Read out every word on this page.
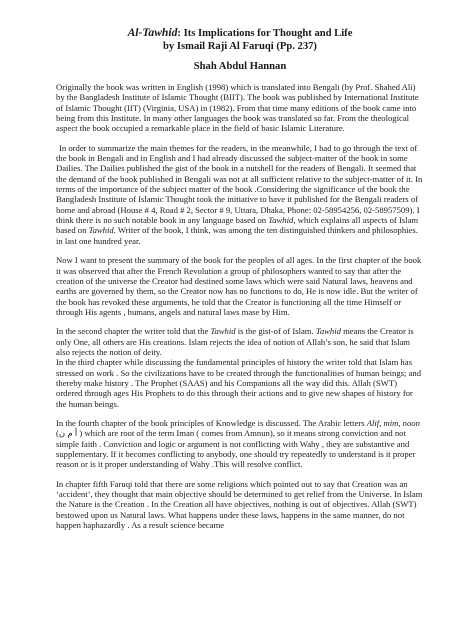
Al-Tawhid: Its Implications for Thought and Life
by Ismail Raji Al Faruqi (Pp. 237)
Shah Abdul Hannan

Originally the book was written in English (1998) which is translated into Bengali (by Prof. Shahed Ali) by the Bangladesh Institute of Islamic Thought (BIIT). The book was published by International Institute of Islamic Thought (IIT) (Virginia, USA) in (1982). From that time many editions of the book came into being from this Institute. In many other languages the book was translated so far. From the theological aspect the book occupied a remarkable place in the field of basic Islamic Literature.

In order to summarize the main themes for the readers, in the meanwhile, I had to go through the text of the book in Bengali and in English and I had already discussed the subject-matter of the book in some Dailies. The Dailies published the gist of the book in a nutshell for the readers of Bengali. It seemed that the demand of the book published in Bengali was not at all sufficient relative to the subject-matter of it. In terms of the importance of the subject matter of the book .Considering the significance of the book the Bangladesh Institute of Islamic Thought took the initiative to have it published for the Bengali readers of home and abroad (House # 4, Road # 2, Sector # 9, Uttara, Dhaka, Phone: 02-58954256, 02-58957509). I think there is no such notable book in any language based on Tawhid, which explains all aspects of Islam based on Tawhid. Writer of the book, I think, was among the ten distinguished thinkers and philosophies. in last one hundred year.

Now I want to present the summary of the book for the peoples of all ages. In the first chapter of the book it was observed that after the French Revolution a group of philosophers wanted to say that after the creation of the universe the Creator had destined some laws which were said Natural laws, heavens and earths are governed by them, so the Creator now has no functions to do, He is now idle. But the writer of the book has revoked these arguments, he told that the Creator is functioning all the time Himself or through His agents , humans, angels and natural laws mase by Him.

In the second chapter the writer told that the Tawhid is the gist-of of Islam. Tawhid means the Creator is only One, all others are His creations. Islam rejects the idea of notion of Allah’s son, he said that Islam also rejects the notion of deity.

In the third chapter while discussing the fundamental principles of history the writer told that Islam has stressed on work . So the civilizations have to be created through the functionalities of human beings; and thereby make history . The Prophet (SAAS) and his Companions all the way did this. Allah (SWT) ordered through ages His Prophets to do this through their actions and to give new shapes of history for the human beings.

In the fourth chapter of the book principles of Knowledge is discussed. The Arabic letters Alif, mim, noon (أ م ن ) which are root of the term Iman ( comes from Amnun), so it means strong conviction and not simple faith . Conviction and logic or argument is not conflicting with Wahy , they are substantive and supplementary. If it becomes conflicting to anybody, one should try repeatedly to understand is it proper reason or is it proper understanding of Wahy .This will resolve conflict.

In chapter fifth Faruqi told that there are some religions which pointed out to say that Creation was an ‘accident’, they thought that main objective should be determined to get relief from the Universe. In Islam the Nature is the Creation . In the Creation all have objectives, nothing is out of objectives. Allah (SWT) bestowed upon us Natural laws. What happens under these laws, happens in the same manner, do not happen haphazardly . As a result science became
